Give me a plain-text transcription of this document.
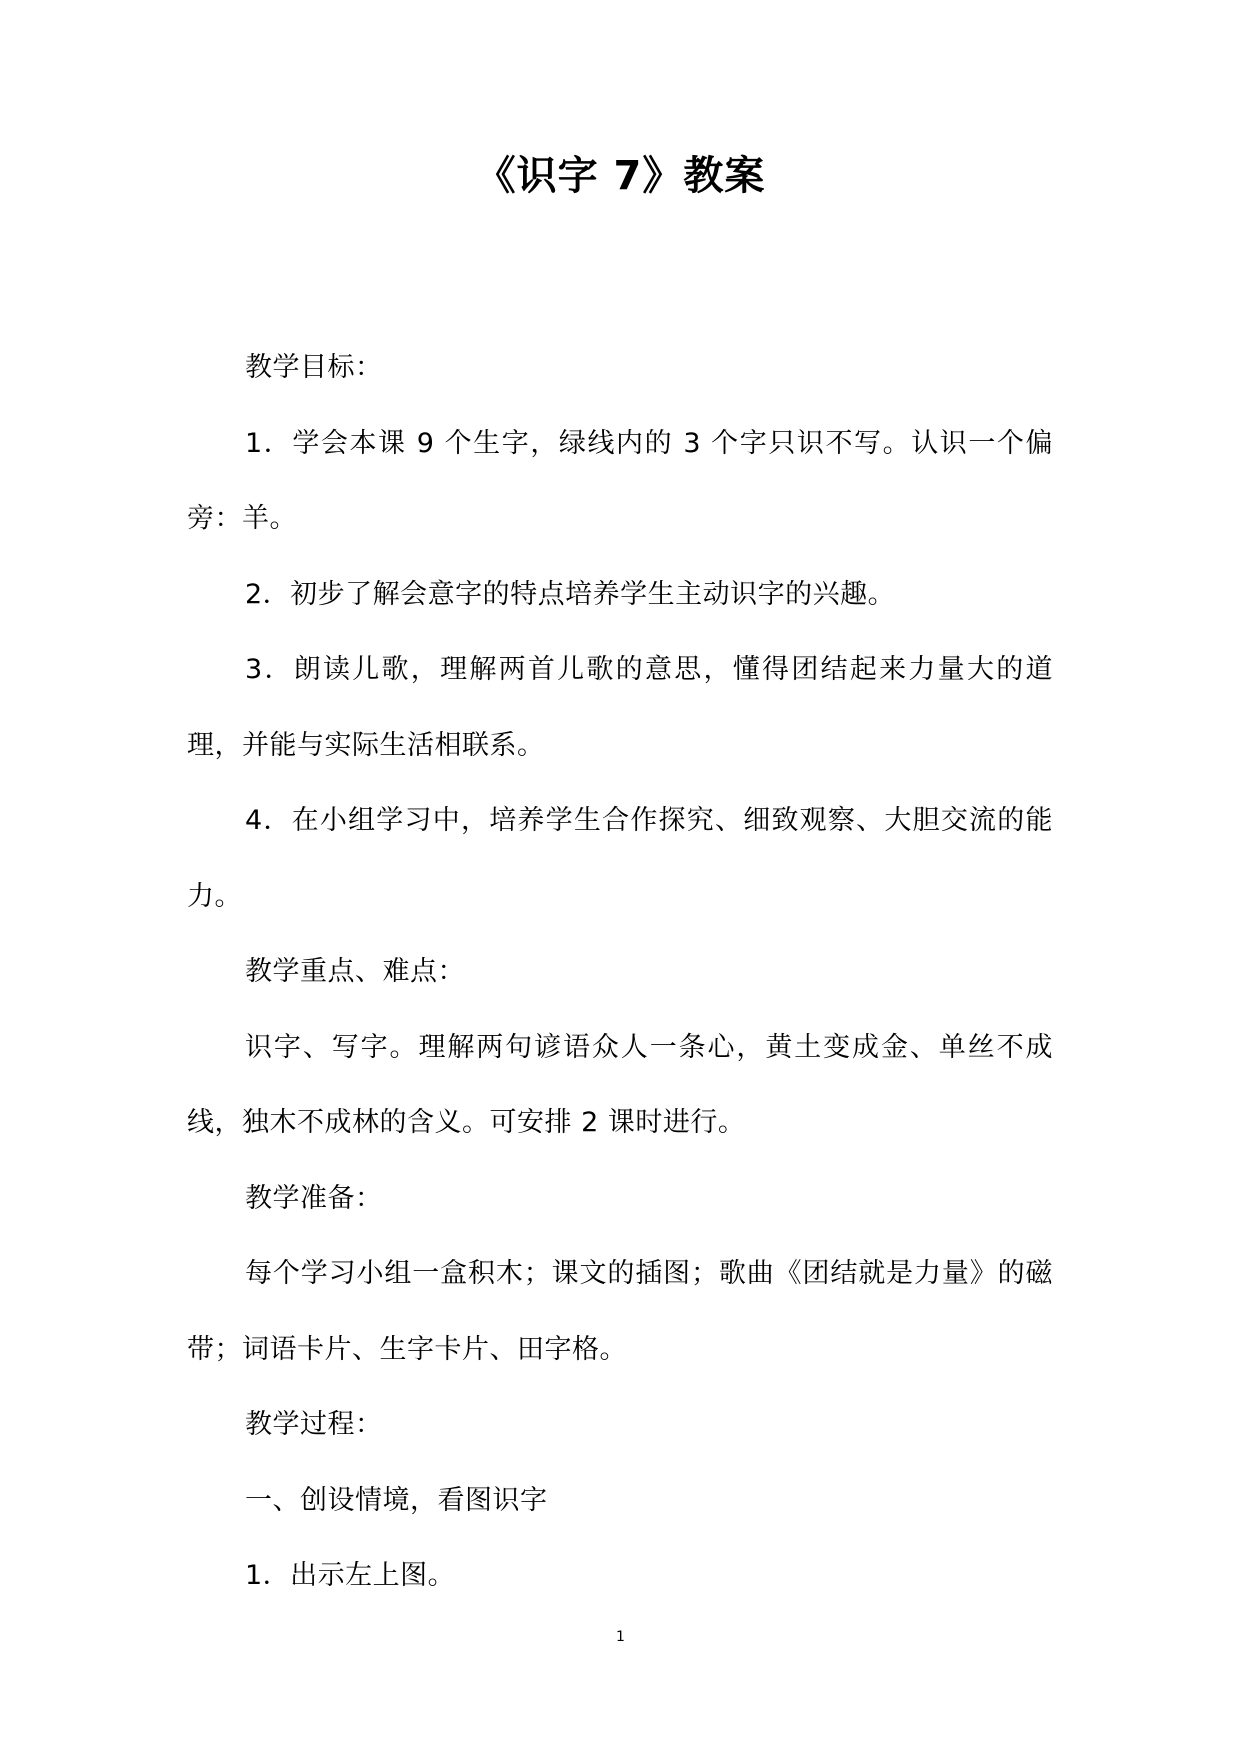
《识字 7》教案

教学目标：

1．学会本课 9 个生字，绿线内的 3 个字只识不写。认识一个偏旁：羊。

2．初步了解会意字的特点培养学生主动识字的兴趣。

3．朗读儿歌，理解两首儿歌的意思，懂得团结起来力量大的道理，并能与实际生活相联系。

4．在小组学习中，培养学生合作探究、细致观察、大胆交流的能力。

教学重点、难点：

识字、写字。理解两句谚语众人一条心，黄土变成金、单丝不成线，独木不成林的含义。可安排 2 课时进行。

教学准备：

每个学习小组一盒积木；课文的插图；歌曲《团结就是力量》的磁带；词语卡片、生字卡片、田字格。

教学过程：

一、创设情境，看图识字

1．出示左上图。

1
